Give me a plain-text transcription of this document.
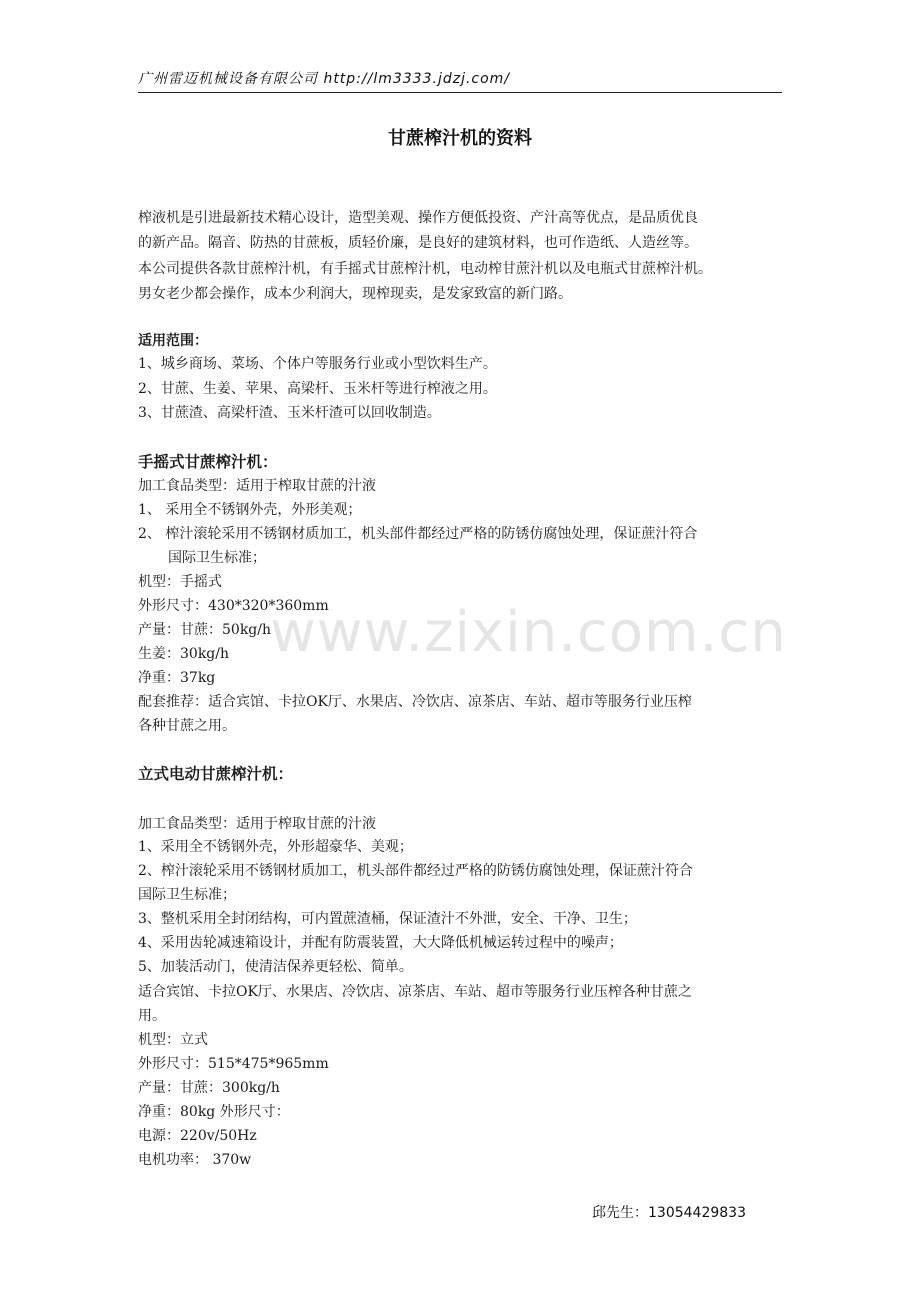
广州雷迈机械设备有限公司 http://lm3333.jdzj.com/
www.zixin.com.cn
甘蔗榨汁机的资料
榨液机是引进最新技术精心设计，造型美观、操作方便低投资、产汁高等优点，是品质优良
的新产品。隔音、防热的甘蔗板，质轻价廉，是良好的建筑材料，也可作造纸、人造丝等。
本公司提供各款甘蔗榨汁机，有手摇式甘蔗榨汁机，电动榨甘蔗汁机以及电瓶式甘蔗榨汁机。
男女老少都会操作，成本少利润大，现榨现卖，是发家致富的新门路。
适用范围：
1、城乡商场、菜场、个体户等服务行业或小型饮料生产。
2、甘蔗、生姜、苹果、高梁杆、玉米杆等进行榨液之用。
3、甘蔗渣、高梁杆渣、玉米杆渣可以回收制造。
手摇式甘蔗榨汁机：
加工食品类型：适用于榨取甘蔗的汁液
1、 采用全不锈钢外壳，外形美观；
2、 榨汁滚轮采用不锈钢材质加工，机头部件都经过严格的防锈仿腐蚀处理，保证蔗汁符合
国际卫生标准；
机型：手摇式
外形尺寸：430*320*360mm
产量：甘蔗：50kg/h
生姜：30kg/h
净重：37kg
配套推荐：适合宾馆、卡拉OK厅、水果店、冷饮店、凉茶店、车站、超市等服务行业压榨
各种甘蔗之用。
立式电动甘蔗榨汁机：
加工食品类型：适用于榨取甘蔗的汁液
1、采用全不锈钢外壳，外形超豪华、美观；
2、榨汁滚轮采用不锈钢材质加工，机头部件都经过严格的防锈仿腐蚀处理，保证蔗汁符合
国际卫生标准；
3、整机采用全封闭结构，可内置蔗渣桶，保证渣汁不外泄，安全、干净、卫生；
4、采用齿轮减速箱设计，并配有防震装置，大大降低机械运转过程中的噪声；
5、加装活动门，使清洁保养更轻松、简单。
适合宾馆、卡拉OK厅、水果店、冷饮店、凉茶店、车站、超市等服务行业压榨各种甘蔗之
用。
机型：立式
外形尺寸：515*475*965mm
产量：甘蔗：300kg/h
净重：80kg 外形尺寸：
电源：220v/50Hz
电机功率： 370w
邱先生：13054429833
